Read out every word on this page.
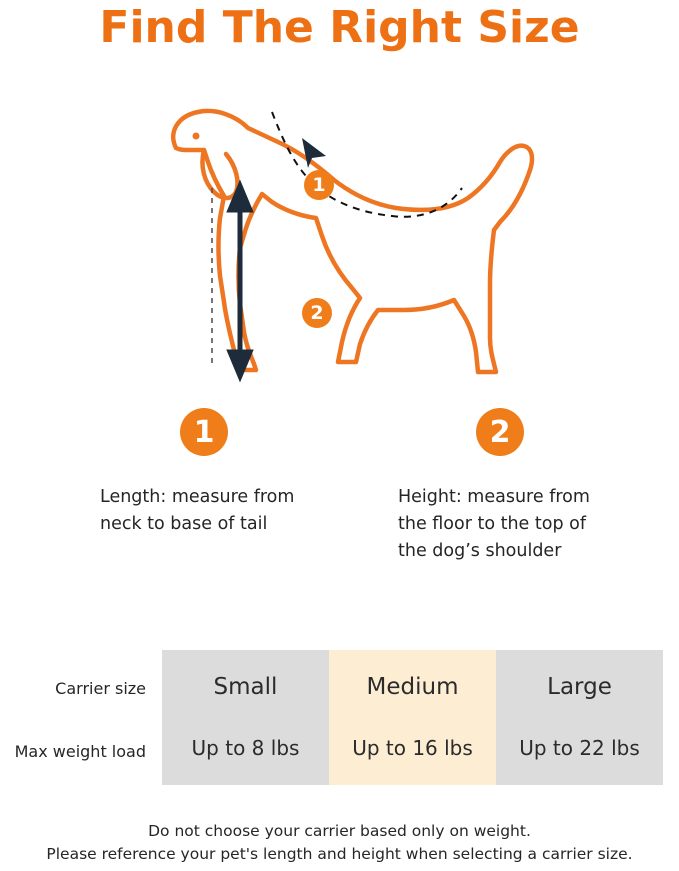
Find The Right Size
1
2
1
Length: measure from neck to base of tail
2
Height: measure from the floor to the top of the dog’s shoulder
Carrier size
Max weight load
Small
Up to 8 lbs
Medium
Up to 16 lbs
Large
Up to 22 lbs
Do not choose your carrier based only on weight.
Please reference your pet's length and height when selecting a carrier size.
